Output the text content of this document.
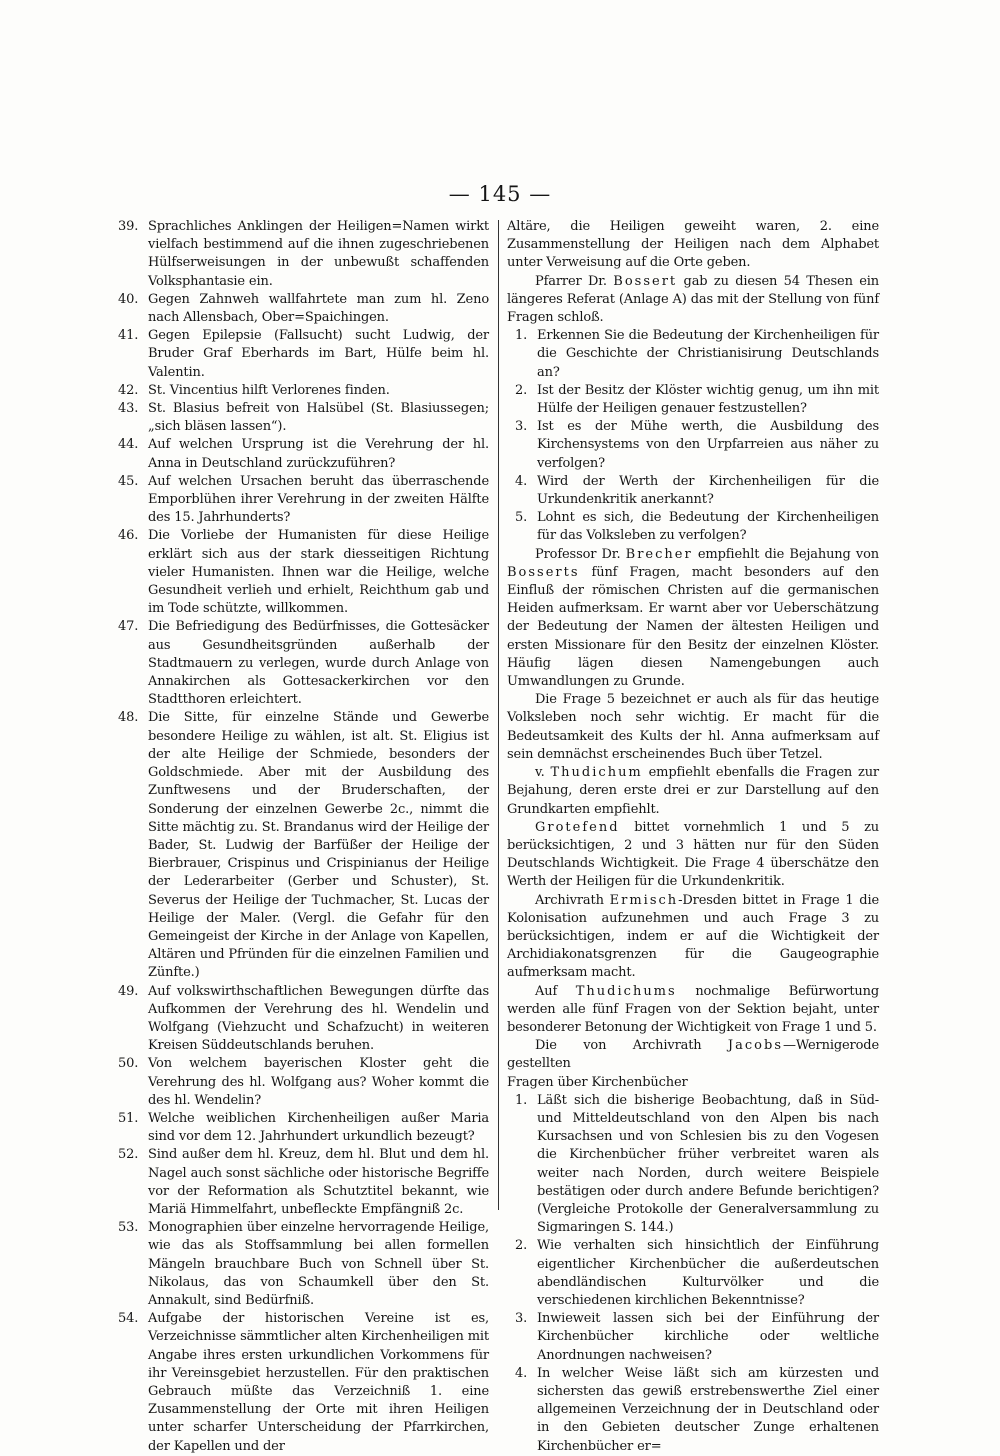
— 145 —
39. Sprachliches Anklingen der Heiligen=Namen wirkt vielfach bestimmend auf die ihnen zugeschriebenen Hülfserweisungen in der unbewußt schaffenden Volksphantasie ein.
40. Gegen Zahnweh wallfahrtete man zum hl. Zeno nach Allensbach, Ober=Spaichingen.
41. Gegen Epilepsie (Fallsucht) sucht Ludwig, der Bruder Graf Eberhards im Bart, Hülfe beim hl. Valentin.
42. St. Vincentius hilft Verlorenes finden.
43. St. Blasius befreit von Halsübel (St. Blasiussegen; „sich bläsen lassen“).
44. Auf welchen Ursprung ist die Verehrung der hl. Anna in Deutschland zurückzuführen?
45. Auf welchen Ursachen beruht das überraschende Emporblühen ihrer Verehrung in der zweiten Hälfte des 15. Jahrhunderts?
46. Die Vorliebe der Humanisten für diese Heilige erklärt sich aus der stark diesseitigen Richtung vieler Humanisten. Ihnen war die Heilige, welche Gesundheit verlieh und erhielt, Reichthum gab und im Tode schützte, willkommen.
47. Die Befriedigung des Bedürfnisses, die Gottesäcker aus Gesundheitsgründen außerhalb der Stadtmauern zu verlegen, wurde durch Anlage von Annakirchen als Gottesackerkirchen vor den Stadtthoren erleichtert.
48. Die Sitte, für einzelne Stände und Gewerbe besondere Heilige zu wählen, ist alt. St. Eligius ist der alte Heilige der Schmiede, besonders der Goldschmiede. Aber mit der Ausbildung des Zunftwesens und der Bruderschaften, der Sonderung der einzelnen Gewerbe 2c., nimmt die Sitte mächtig zu. St. Brandanus wird der Heilige der Bader, St. Ludwig der Barfüßer der Heilige der Bierbrauer, Crispinus und Crispinianus der Heilige der Lederarbeiter (Gerber und Schuster), St. Severus der Heilige der Tuchmacher, St. Lucas der Heilige der Maler. (Vergl. die Gefahr für den Gemeingeist der Kirche in der Anlage von Kapellen, Altären und Pfründen für die einzelnen Familien und Zünfte.)
49. Auf volkswirthschaftlichen Bewegungen dürfte das Aufkommen der Verehrung des hl. Wendelin und Wolfgang (Viehzucht und Schafzucht) in weiteren Kreisen Süddeutschlands beruhen.
50. Von welchem bayerischen Kloster geht die Verehrung des hl. Wolfgang aus? Woher kommt die des hl. Wendelin?
51. Welche weiblichen Kirchenheiligen außer Maria sind vor dem 12. Jahrhundert urkundlich bezeugt?
52. Sind außer dem hl. Kreuz, dem hl. Blut und dem hl. Nagel auch sonst sächliche oder historische Begriffe vor der Reformation als Schutztitel bekannt, wie Mariä Himmelfahrt, unbefleckte Empfängniß 2c.
53. Monographien über einzelne hervorragende Heilige, wie das als Stoffsammlung bei allen formellen Mängeln brauchbare Buch von Schnell über St. Nikolaus, das von Schaumkell über den St. Annakult, sind Bedürfniß.
54. Aufgabe der historischen Vereine ist es, Verzeichnisse sämmtlicher alten Kirchenheiligen mit Angabe ihres ersten urkundlichen Vorkommens für ihr Vereinsgebiet herzustellen. Für den praktischen Gebrauch müßte das Verzeichniß 1. eine Zusammenstellung der Orte mit ihren Heiligen unter scharfer Unterscheidung der Pfarrkirchen, der Kapellen und der
Altäre, die Heiligen geweiht waren, 2. eine Zusammenstellung der Heiligen nach dem Alphabet unter Verweisung auf die Orte geben.
Pfarrer Dr. Bossert gab zu diesen 54 Thesen ein längeres Referat (Anlage A) das mit der Stellung von fünf Fragen schloß.
1. Erkennen Sie die Bedeutung der Kirchenheiligen für die Geschichte der Christianisirung Deutschlands an?
2. Ist der Besitz der Klöster wichtig genug, um ihn mit Hülfe der Heiligen genauer festzustellen?
3. Ist es der Mühe werth, die Ausbildung des Kirchensystems von den Urpfarreien aus näher zu verfolgen?
4. Wird der Werth der Kirchenheiligen für die Urkundenkritik anerkannt?
5. Lohnt es sich, die Bedeutung der Kirchenheiligen für das Volksleben zu verfolgen?
Professor Dr. Brecher empfiehlt die Bejahung von Bosserts fünf Fragen, macht besonders auf den Einfluß der römischen Christen auf die germanischen Heiden aufmerksam. Er warnt aber vor Ueberschätzung der Bedeutung der Namen der ältesten Heiligen und ersten Missionare für den Besitz der einzelnen Klöster. Häufig lägen diesen Namengebungen auch Umwandlungen zu Grunde.
Die Frage 5 bezeichnet er auch als für das heutige Volksleben noch sehr wichtig. Er macht für die Bedeutsamkeit des Kults der hl. Anna aufmerksam auf sein demnächst erscheinendes Buch über Tetzel.
v. Thudichum empfiehlt ebenfalls die Fragen zur Bejahung, deren erste drei er zur Darstellung auf den Grundkarten empfiehlt.
Grotefend bittet vornehmlich 1 und 5 zu berücksichtigen, 2 und 3 hätten nur für den Süden Deutschlands Wichtigkeit. Die Frage 4 überschätze den Werth der Heiligen für die Urkundenkritik.
Archivrath Ermisch-Dresden bittet in Frage 1 die Kolonisation aufzunehmen und auch Frage 3 zu berücksichtigen, indem er auf die Wichtigkeit der Archidiakonatsgrenzen für die Gaugeographie aufmerksam macht.
Auf Thudichums nochmalige Befürwortung werden alle fünf Fragen von der Sektion bejaht, unter besonderer Betonung der Wichtigkeit von Frage 1 und 5.
Die von Archivrath Jacobs—Wernigerode gestellten
Fragen über Kirchenbücher
1. Läßt sich die bisherige Beobachtung, daß in Süd- und Mitteldeutschland von den Alpen bis nach Kursachsen und von Schlesien bis zu den Vogesen die Kirchenbücher früher verbreitet waren als weiter nach Norden, durch weitere Beispiele bestätigen oder durch andere Befunde berichtigen? (Vergleiche Protokolle der Generalversammlung zu Sigmaringen S. 144.)
2. Wie verhalten sich hinsichtlich der Einführung eigentlicher Kirchenbücher die außerdeutschen abendländischen Kulturvölker und die verschiedenen kirchlichen Bekenntnisse?
3. Inwieweit lassen sich bei der Einführung der Kirchenbücher kirchliche oder weltliche Anordnungen nachweisen?
4. In welcher Weise läßt sich am kürzesten und sichersten das gewiß erstrebenswerthe Ziel einer allgemeinen Verzeichnung der in Deutschland oder in den Gebieten deutscher Zunge erhaltenen Kirchenbücher er=
